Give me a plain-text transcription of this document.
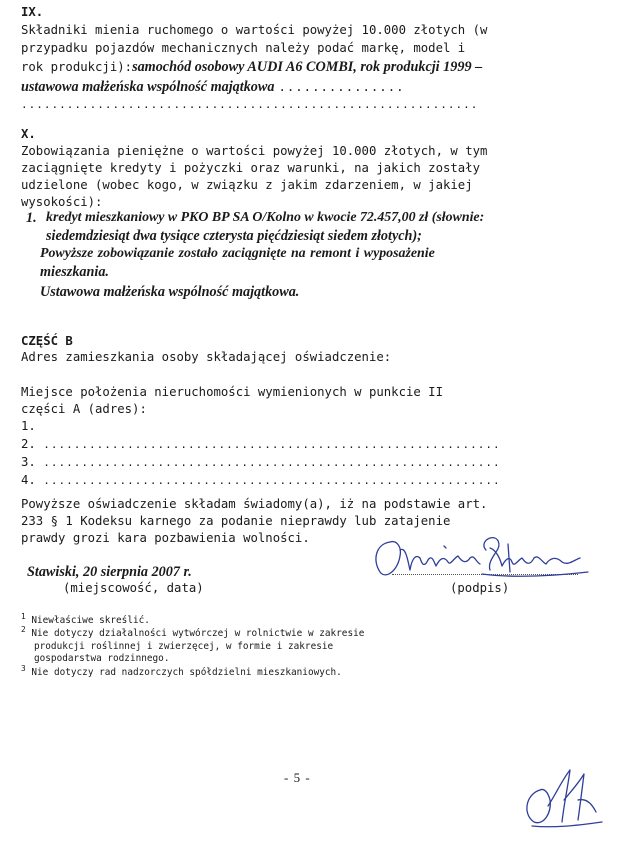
IX.
Składniki mienia ruchomego o wartości powyżej 10.000 złotych (w
przypadku pojazdów mechanicznych należy podać markę, model i
rok produkcji):samochód osobowy AUDI A6 COMBI, rok produkcji 1999 –
ustawowa małżeńska wspólność majątkowa ...............
............................................................
X.
Zobowiązania pieniężne o wartości powyżej 10.000 złotych, w tym
zaciągnięte kredyty i pożyczki oraz warunki, na jakich zostały
udzielone (wobec kogo, w związku z jakim zdarzeniem, w jakiej
wysokości):
1. kredyt mieszkaniowy w PKO BP SA O/Kolno w kwocie 72.457,00 zł (słownie:
siedemdziesiąt dwa tysiące czterysta pięćdziesiąt siedem złotych);
Powyższe zobowiązanie zostało zaciągnięte na remont i wyposażenie
mieszkania.
Ustawowa małżeńska wspólność majątkowa.
CZĘŚĆ B
Adres zamieszkania osoby składającej oświadczenie:
Miejsce położenia nieruchomości wymienionych w punkcie II
części A (adres):
1.
2. ............................................................
3. ............................................................
4. ............................................................
Powyższe oświadczenie składam świadomy(a), iż na podstawie art.
233 § 1 Kodeksu karnego za podanie nieprawdy lub zatajenie
prawdy grozi kara pozbawienia wolności.
Stawiski, 20 sierpnia 2007 r.
(miejscowość, data)	(podpis)
$^1$ Niewłaściwe skreślić.
$^2$ Nie dotyczy działalności wytwórczej w rolnictwie w zakresie
produkcji roślinnej i zwierzęcej, w formie i zakresie
gospodarstwa rodzinnego.
$^3$ Nie dotyczy rad nadzorczych spółdzielni mieszkaniowych.
- 5 -
